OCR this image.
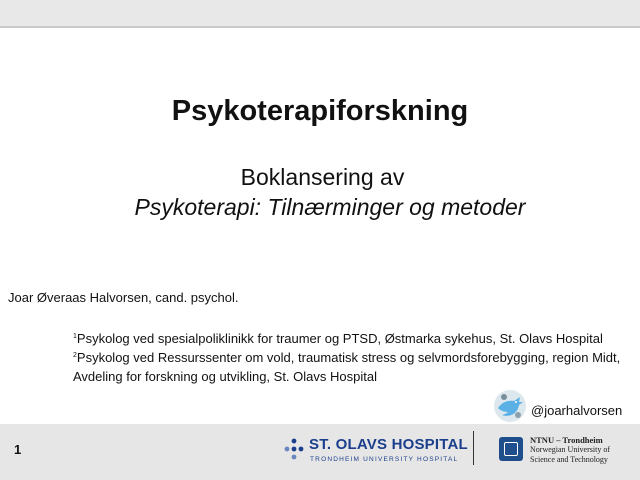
Psykoterapiforskning
Boklansering av
Psykoterapi: Tilnærminger og metoder
Joar Øveraas Halvorsen, cand. psychol.
$^1$Psykolog ved spesialpoliklinikk for traumer og PTSD, Østmarka sykehus, St. Olavs Hospital
$^2$Psykolog ved Ressurssenter om vold, traumatisk stress og selvmordsforebygging, region Midt, Avdeling for forskning og utvikling, St. Olavs Hospital
@joarhalvorsen
1	ST. OLAVS HOSPITAL
TRONDHEIM UNIVERSITY HOSPITAL
NTNU – Trondheim
Norwegian University of
Science and Technology
